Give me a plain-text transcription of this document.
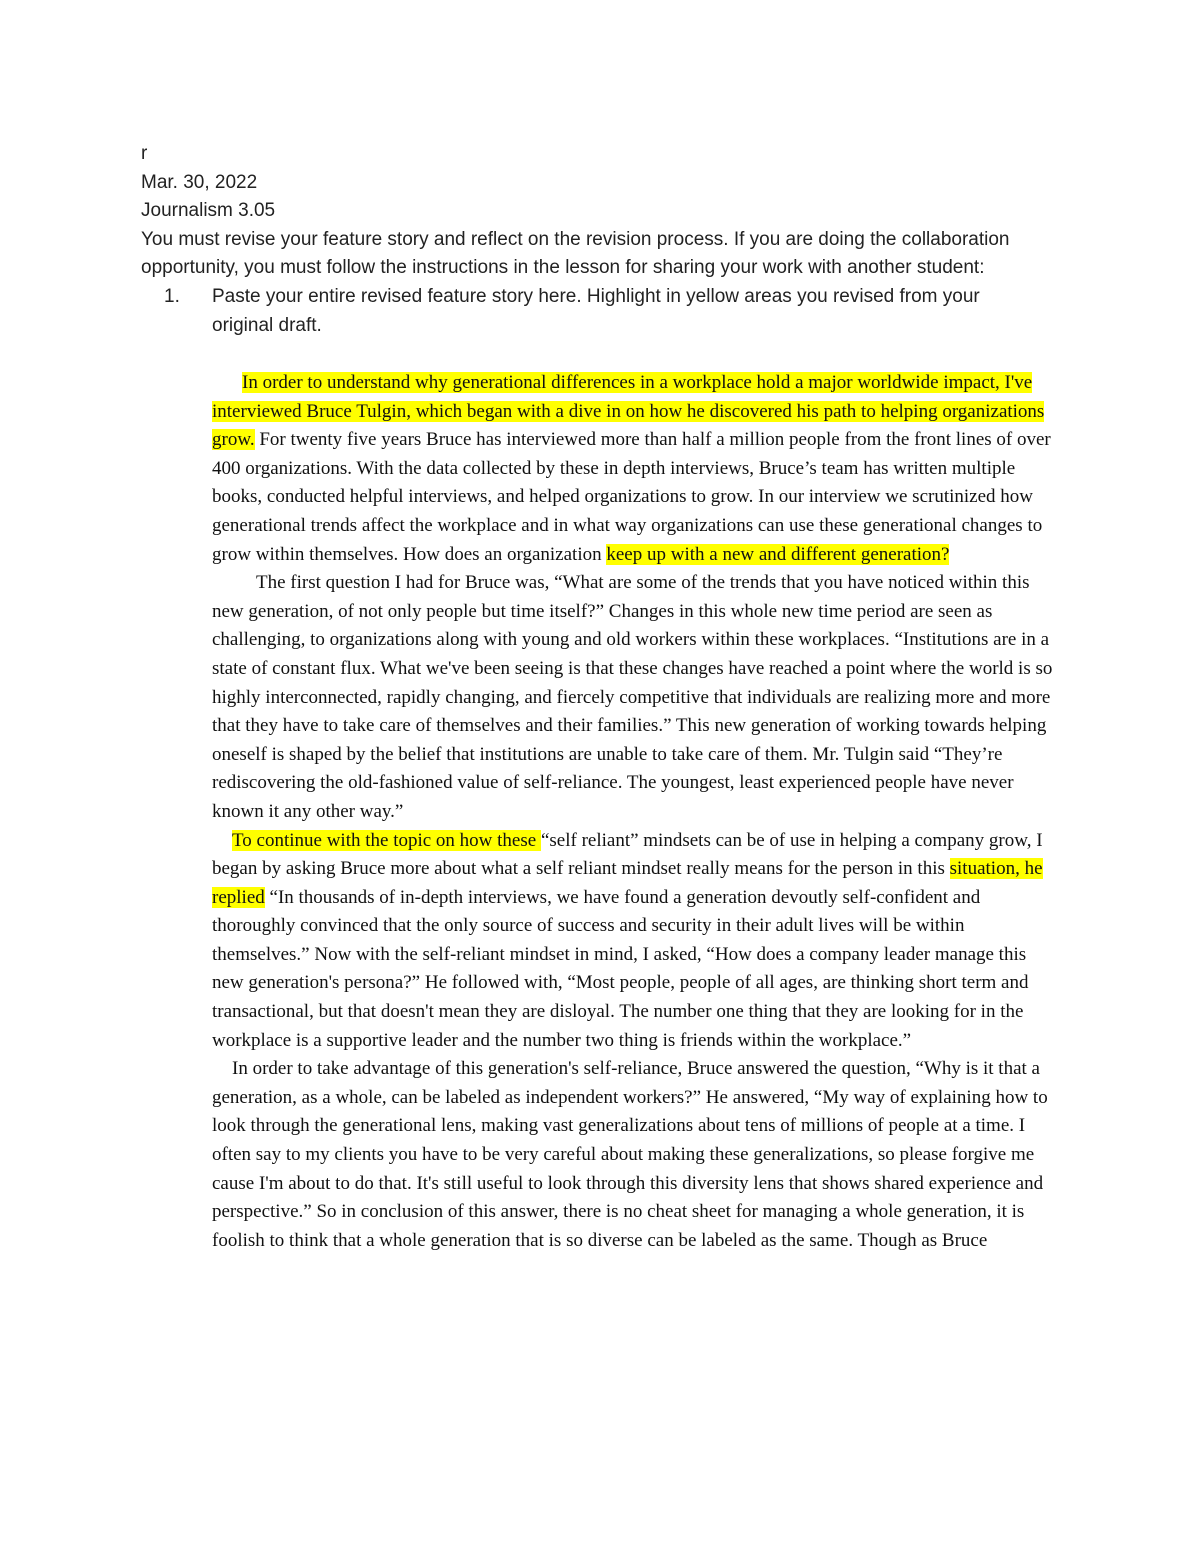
r

Mar. 30, 2022

Journalism 3.05

You must revise your feature story and reflect on the revision process. If you are doing the collaboration opportunity, you must follow the instructions in the lesson for sharing your work with another student:

1. Paste your entire revised feature story here. Highlight in yellow areas you revised from your original draft.

In order to understand why generational differences in a workplace hold a major worldwide impact, I've interviewed Bruce Tulgin, which began with a dive in on how he discovered his path to helping organizations grow. For twenty five years Bruce has interviewed more than half a million people from the front lines of over 400 organizations. With the data collected by these in depth interviews, Bruce’s team has written multiple books, conducted helpful interviews, and helped organizations to grow. In our interview we scrutinized how generational trends affect the workplace and in what way organizations can use these generational changes to grow within themselves. How does an organization keep up with a new and different generation?

The first question I had for Bruce was, “What are some of the trends that you have noticed within this new generation, of not only people but time itself?” Changes in this whole new time period are seen as challenging, to organizations along with young and old workers within these workplaces. “Institutions are in a state of constant flux. What we've been seeing is that these changes have reached a point where the world is so highly interconnected, rapidly changing, and fiercely competitive that individuals are realizing more and more that they have to take care of themselves and their families.” This new generation of working towards helping oneself is shaped by the belief that institutions are unable to take care of them. Mr. Tulgin said “They’re rediscovering the old-fashioned value of self-reliance. The youngest, least experienced people have never known it any other way.”

To continue with the topic on how these “self reliant” mindsets can be of use in helping a company grow, I began by asking Bruce more about what a self reliant mindset really means for the person in this situation, he replied “In thousands of in-depth interviews, we have found a generation devoutly self-confident and thoroughly convinced that the only source of success and security in their adult lives will be within themselves.” Now with the self-reliant mindset in mind, I asked, “How does a company leader manage this new generation's persona?” He followed with, “Most people, people of all ages, are thinking short term and transactional, but that doesn't mean they are disloyal. The number one thing that they are looking for in the workplace is a supportive leader and the number two thing is friends within the workplace.”

In order to take advantage of this generation's self-reliance, Bruce answered the question, “Why is it that a generation, as a whole, can be labeled as independent workers?” He answered, “My way of explaining how to look through the generational lens, making vast generalizations about tens of millions of people at a time. I often say to my clients you have to be very careful about making these generalizations, so please forgive me cause I'm about to do that. It's still useful to look through this diversity lens that shows shared experience and perspective.” So in conclusion of this answer, there is no cheat sheet for managing a whole generation, it is foolish to think that a whole generation that is so diverse can be labeled as the same. Though as Bruce
